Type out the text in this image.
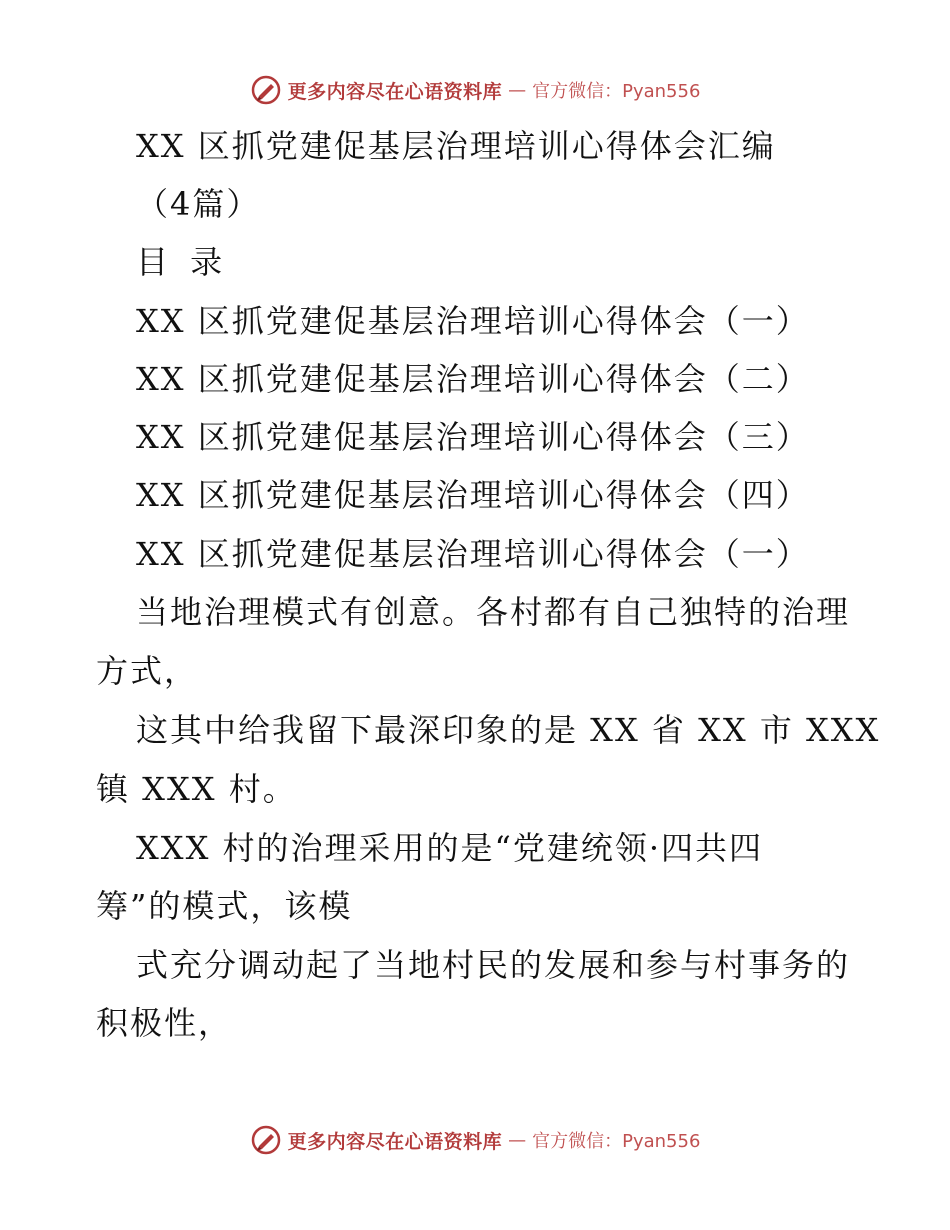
更多内容尽在心语资料库 — 官方微信：Pyan556
XX 区抓党建促基层治理培训心得体会汇编
（4篇）
目 录
XX 区抓党建促基层治理培训心得体会（一）
XX 区抓党建促基层治理培训心得体会（二）
XX 区抓党建促基层治理培训心得体会（三）
XX 区抓党建促基层治理培训心得体会（四）
XX 区抓党建促基层治理培训心得体会（一）
当地治理模式有创意。各村都有自己独特的治理
方式，
这其中给我留下最深印象的是 XX 省 XX 市 XXX
镇 XXX 村。
XXX 村的治理采用的是“党建统领·四共四
筹”的模式，该模
式充分调动起了当地村民的发展和参与村事务的
积极性，
更多内容尽在心语资料库 — 官方微信：Pyan556
